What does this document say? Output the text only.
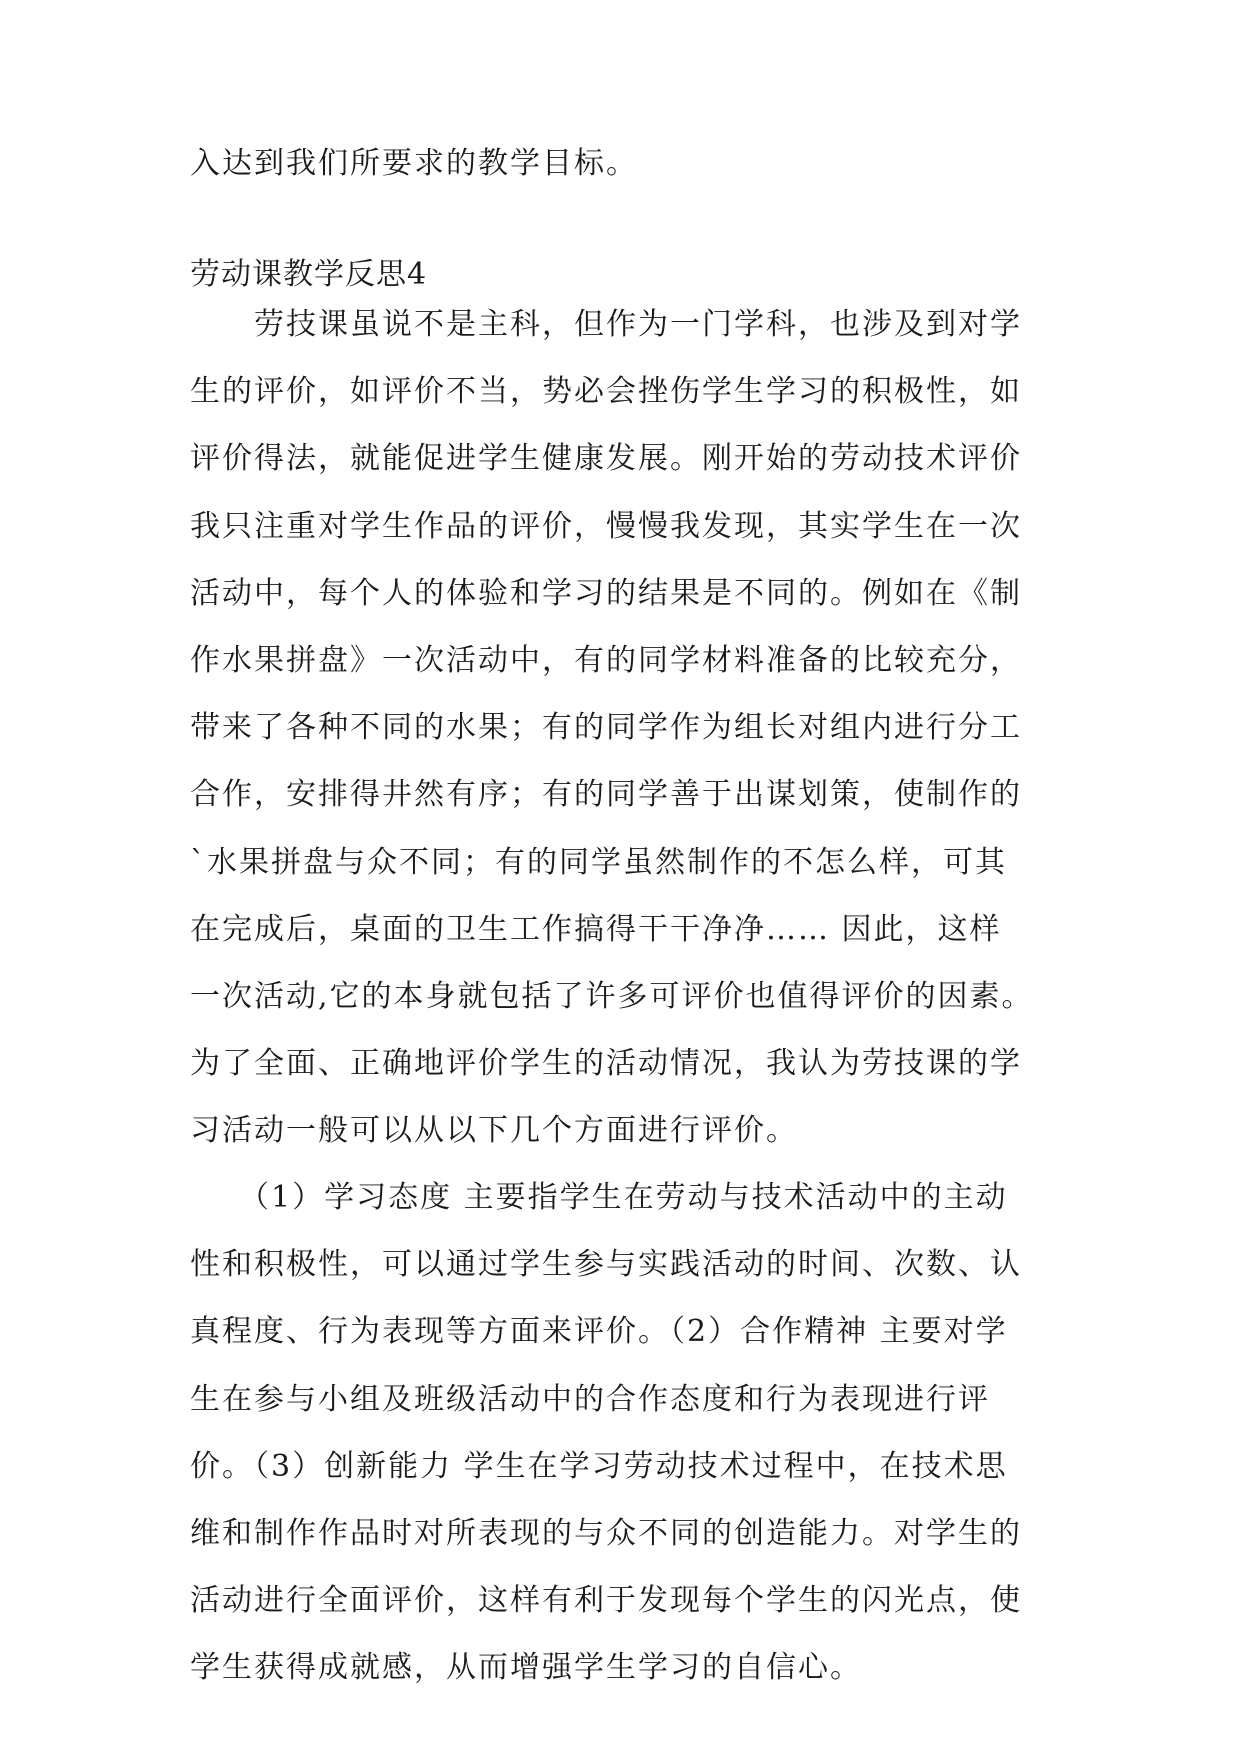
入达到我们所要求的教学目标。
劳动课教学反思4
　　劳技课虽说不是主科，但作为一门学科，也涉及到对学
生的评价，如评价不当，势必会挫伤学生学习的积极性，如
评价得法，就能促进学生健康发展。刚开始的劳动技术评价
我只注重对学生作品的评价，慢慢我发现，其实学生在一次
活动中，每个人的体验和学习的结果是不同的。例如在《制
作水果拼盘》一次活动中，有的同学材料准备的比较充分，
带来了各种不同的水果；有的同学作为组长对组内进行分工
合作，安排得井然有序；有的同学善于出谋划策，使制作的
`水果拼盘与众不同；有的同学虽然制作的不怎么样，可其
在完成后，桌面的卫生工作搞得干干净净…… 因此，这样
一次活动,它的本身就包括了许多可评价也值得评价的因素。
为了全面、正确地评价学生的活动情况，我认为劳技课的学
习活动一般可以从以下几个方面进行评价。
　　（1）学习态度 主要指学生在劳动与技术活动中的主动
性和积极性，可以通过学生参与实践活动的时间、次数、认
真程度、行为表现等方面来评价。（2）合作精神 主要对学
生在参与小组及班级活动中的合作态度和行为表现进行评
价。（3）创新能力 学生在学习劳动技术过程中，在技术思
维和制作作品时对所表现的与众不同的创造能力。对学生的
活动进行全面评价，这样有利于发现每个学生的闪光点，使
学生获得成就感，从而增强学生学习的自信心。
